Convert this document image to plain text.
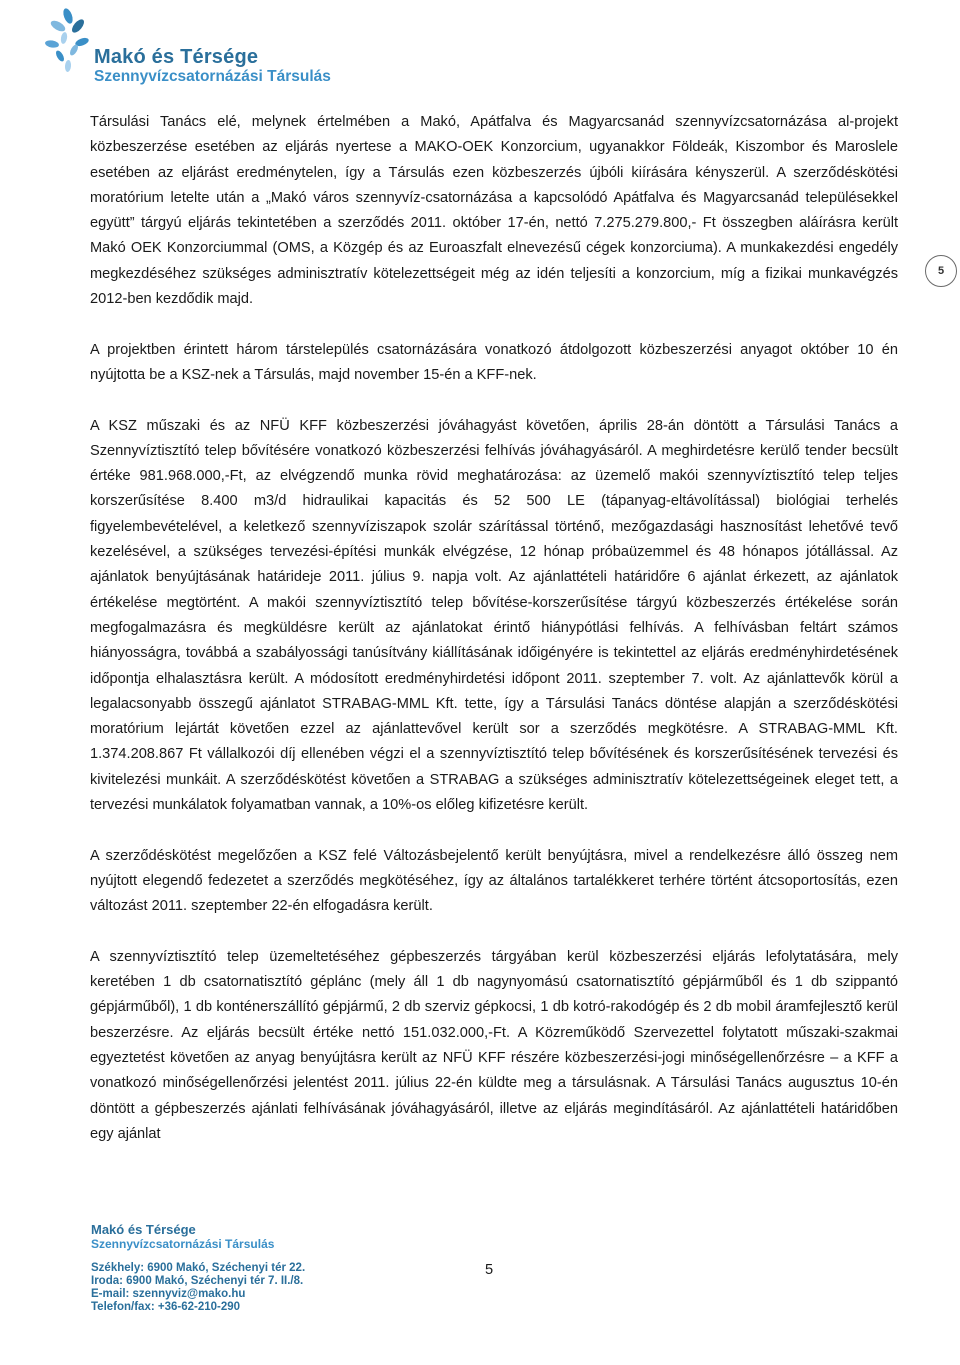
Makó és Térsége
Szennyvízcsatornázási Társulás

Társulási Tanács elé, melynek értelmében a Makó, Apátfalva és Magyarcsanád szennyvízcsatornázása al-projekt közbeszerzése esetében az eljárás nyertese a MAKO-OEK Konzorcium, ugyanakkor Földeák, Kiszombor és Maroslele esetében az eljárást eredménytelen, így a Társulás ezen közbeszerzés újbóli kiírására kényszerül. A szerződéskötési moratórium letelte után a „Makó város szennyvíz-csatornázása a kapcsolódó Apátfalva és Magyarcsanád településekkel együtt” tárgyú eljárás tekintetében a szerződés 2011. október 17-én, nettó 7.275.279.800,- Ft összegben aláírásra került Makó OEK Konzorciummal (OMS, a Közgép és az Euroaszfalt elnevezésű cégek konzorciuma). A munkakezdési engedély megkezdéséhez szükséges adminisztratív kötelezettségeit még az idén teljesíti a konzorcium, míg a fizikai munkavégzés 2012-ben kezdődik majd.

A projektben érintett három társtelepülés csatornázására vonatkozó átdolgozott közbeszerzési anyagot október 10 én nyújtotta be a KSZ-nek a Társulás, majd november 15-én a KFF-nek.

A KSZ műszaki és az NFÜ KFF közbeszerzési jóváhagyást követően, április 28-án döntött a Társulási Tanács a Szennyvíztisztító telep bővítésére vonatkozó közbeszerzési felhívás jóváhagyásáról. A meghirdetésre kerülő tender becsült értéke 981.968.000,-Ft, az elvégzendő munka rövid meghatározása: az üzemelő makói szennyvíztisztító telep teljes korszerűsítése 8.400 m3/d hidraulikai kapacitás és 52 500 LE (tápanyag-eltávolítással) biológiai terhelés figyelembevételével, a keletkező szennyvíziszapok szolár szárítással történő, mezőgazdasági hasznosítást lehetővé tevő kezelésével, a szükséges tervezési-építési munkák elvégzése, 12 hónap próbaüzemmel és 48 hónapos jótállással. Az ajánlatok benyújtásának határideje 2011. július 9. napja volt. Az ajánlattételi határidőre 6 ajánlat érkezett, az ajánlatok értékelése megtörtént. A makói szennyvíztisztító telep bővítése-korszerűsítése tárgyú közbeszerzés értékelése során megfogalmazásra és megküldésre került az ajánlatokat érintő hiánypótlási felhívás. A felhívásban feltárt számos hiányosságra, továbbá a szabályossági tanúsítvány kiállításának időigényére is tekintettel az eljárás eredményhirdetésének időpontja elhalasztásra került. A módosított eredményhirdetési időpont 2011. szeptember 7. volt. Az ajánlattevők körül a legalacsonyabb összegű ajánlatot STRABAG-MML Kft. tette, így a Társulási Tanács döntése alapján a szerződéskötési moratórium lejártát követően ezzel az ajánlattevővel került sor a szerződés megkötésre. A STRABAG-MML Kft. 1.374.208.867 Ft vállalkozói díj ellenében végzi el a szennyvíztisztító telep bővítésének és korszerűsítésének tervezési és kivitelezési munkáit. A szerződéskötést követően a STRABAG a szükséges adminisztratív kötelezettségeinek eleget tett, a tervezési munkálatok folyamatban vannak, a 10%-os előleg kifizetésre került.

A szerződéskötést megelőzően a KSZ felé Változásbejelentő került benyújtásra, mivel a rendelkezésre álló összeg nem nyújtott elegendő fedezetet a szerződés megkötéséhez, így az általános tartalékkeret terhére történt átcsoportosítás, ezen változást 2011. szeptember 22-én elfogadásra került.

A szennyvíztisztító telep üzemeltetéséhez gépbeszerzés tárgyában kerül közbeszerzési eljárás lefolytatására, mely keretében 1 db csatornatisztító géplánc (mely áll 1 db nagynyomású csatornatisztító gépjárműből és 1 db szippantó gépjárműből), 1 db konténerszállító gépjármű, 2 db szerviz gépkocsi, 1 db kotró-rakodógép és 2 db mobil áramfejlesztő kerül beszerzésre. Az eljárás becsült értéke nettó 151.032.000,-Ft. A Közreműködő Szervezettel folytatott műszaki-szakmai egyeztetést követően az anyag benyújtásra került az NFÜ KFF részére közbeszerzési-jogi minőségellenőrzésre – a KFF a vonatkozó minőségellenőrzési jelentést 2011. július 22-én küldte meg a társulásnak. A Társulási Tanács augusztus 10-én döntött a gépbeszerzés ajánlati felhívásának jóváhagyásáról, illetve az eljárás megindításáról. Az ajánlattételi határidőben egy ajánlat

5
Makó és Térsége
Szennyvízcsatornázási Társulás
Székhely: 6900 Makó, Széchenyi tér 22.
Iroda: 6900 Makó, Széchenyi tér 7. II./8.
E-mail: szennyviz@mako.hu
Telefon/fax: +36-62-210-290
5
